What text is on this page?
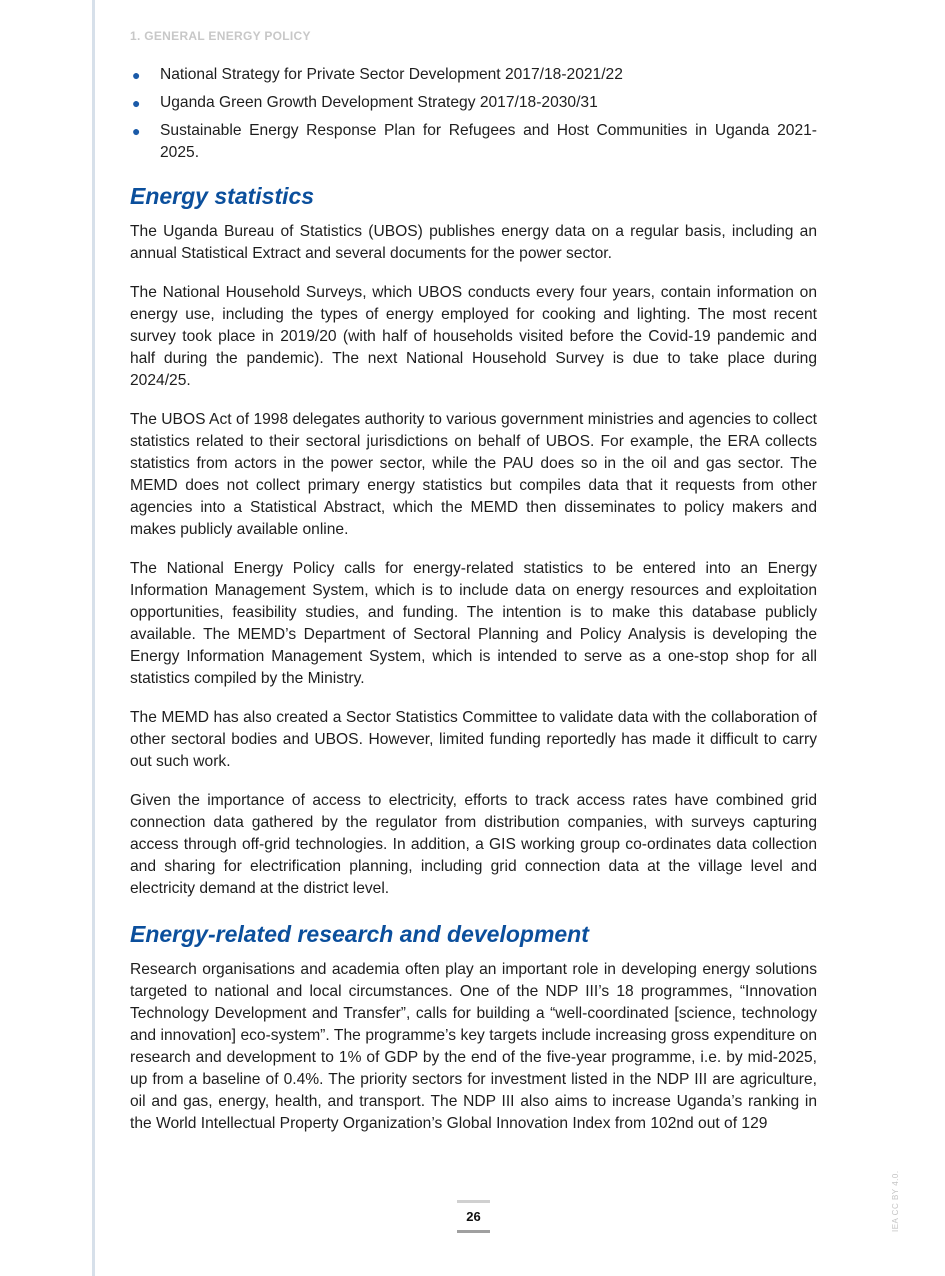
1. GENERAL ENERGY POLICY
● National Strategy for Private Sector Development 2017/18-2021/22
● Uganda Green Growth Development Strategy 2017/18-2030/31
● Sustainable Energy Response Plan for Refugees and Host Communities in Uganda 2021-2025.
Energy statistics

The Uganda Bureau of Statistics (UBOS) publishes energy data on a regular basis, including an annual Statistical Extract and several documents for the power sector.

The National Household Surveys, which UBOS conducts every four years, contain information on energy use, including the types of energy employed for cooking and lighting. The most recent survey took place in 2019/20 (with half of households visited before the Covid-19 pandemic and half during the pandemic). The next National Household Survey is due to take place during 2024/25.

The UBOS Act of 1998 delegates authority to various government ministries and agencies to collect statistics related to their sectoral jurisdictions on behalf of UBOS. For example, the ERA collects statistics from actors in the power sector, while the PAU does so in the oil and gas sector. The MEMD does not collect primary energy statistics but compiles data that it requests from other agencies into a Statistical Abstract, which the MEMD then disseminates to policy makers and makes publicly available online.

The National Energy Policy calls for energy-related statistics to be entered into an Energy Information Management System, which is to include data on energy resources and exploitation opportunities, feasibility studies, and funding. The intention is to make this database publicly available. The MEMD’s Department of Sectoral Planning and Policy Analysis is developing the Energy Information Management System, which is intended to serve as a one-stop shop for all statistics compiled by the Ministry.

The MEMD has also created a Sector Statistics Committee to validate data with the collaboration of other sectoral bodies and UBOS. However, limited funding reportedly has made it difficult to carry out such work.

Given the importance of access to electricity, efforts to track access rates have combined grid connection data gathered by the regulator from distribution companies, with surveys capturing access through off-grid technologies. In addition, a GIS working group co-ordinates data collection and sharing for electrification planning, including grid connection data at the village level and electricity demand at the district level.

Energy-related research and development

Research organisations and academia often play an important role in developing energy solutions targeted to national and local circumstances. One of the NDP III’s 18 programmes, “Innovation Technology Development and Transfer”, calls for building a “well-coordinated [science, technology and innovation] eco-system”. The programme’s key targets include increasing gross expenditure on research and development to 1% of GDP by the end of the five-year programme, i.e. by mid-2025, up from a baseline of 0.4%. The priority sectors for investment listed in the NDP III are agriculture, oil and gas, energy, health, and transport. The NDP III also aims to increase Uganda’s ranking in the World Intellectual Property Organization’s Global Innovation Index from 102nd out of 129

26	IEA CC BY 4.0.
